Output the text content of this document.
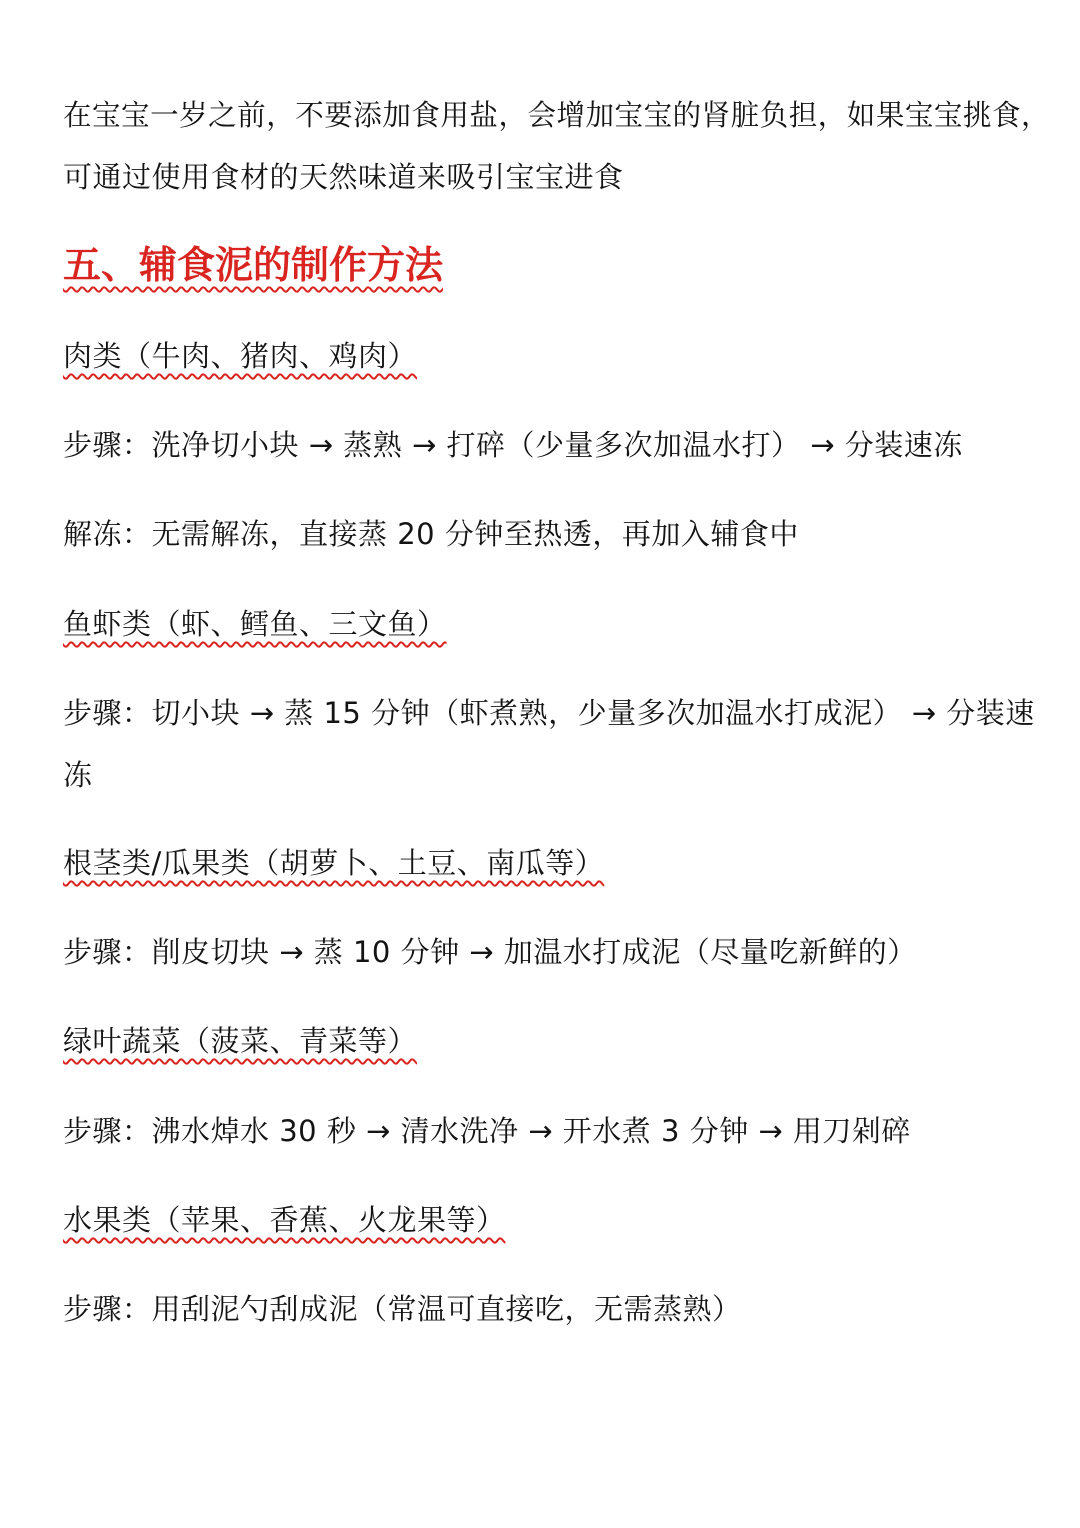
在宝宝一岁之前，不要添加食用盐，会增加宝宝的肾脏负担，如果宝宝挑食，
可通过使用食材的天然味道来吸引宝宝进食
五、辅食泥的制作方法
肉类（牛肉、猪肉、鸡肉）
步骤：洗净切小块 → 蒸熟 → 打碎（少量多次加温水打） → 分装速冻
解冻：无需解冻，直接蒸 20 分钟至热透，再加入辅食中
鱼虾类（虾、鳕鱼、三文鱼）
步骤：切小块 → 蒸 15 分钟（虾煮熟，少量多次加温水打成泥） → 分装速
冻
根茎类/瓜果类（胡萝卜、土豆、南瓜等）
步骤：削皮切块 → 蒸 10 分钟 → 加温水打成泥（尽量吃新鲜的）
绿叶蔬菜（菠菜、青菜等）
步骤：沸水焯水 30 秒 → 清水洗净 → 开水煮 3 分钟 → 用刀剁碎
水果类（苹果、香蕉、火龙果等）
步骤：用刮泥勺刮成泥（常温可直接吃，无需蒸熟）
